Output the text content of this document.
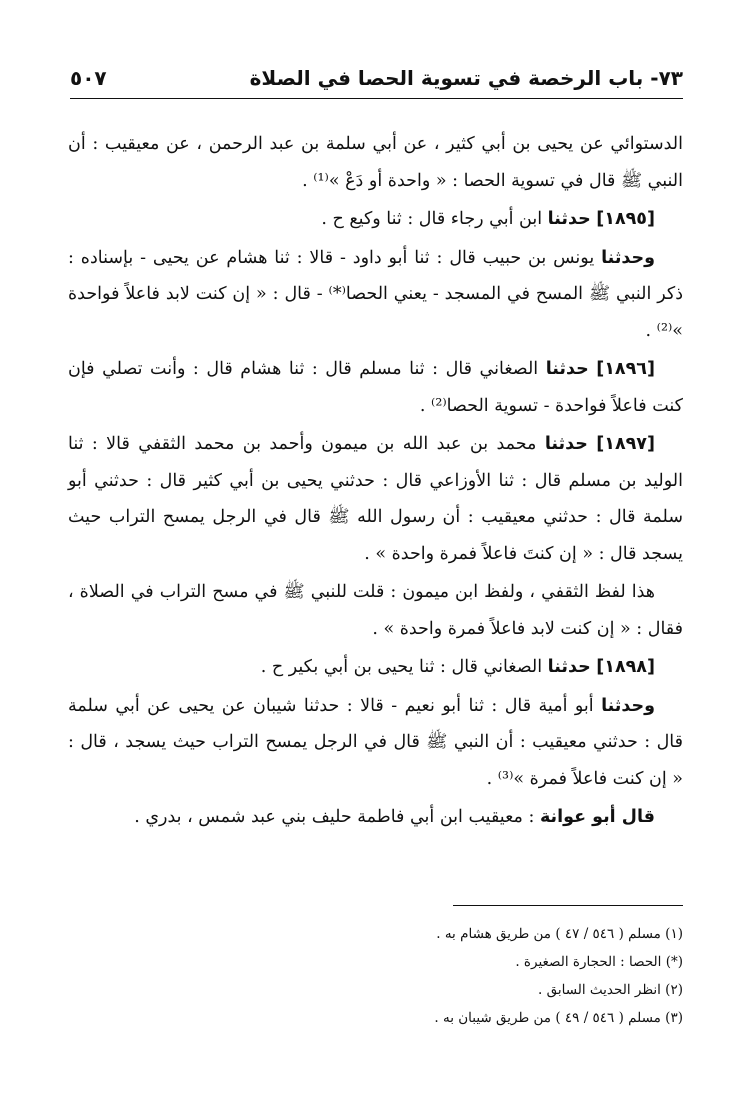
٧٣- باب الرخصة في تسوية الحصا في الصلاة
٥٠٧

الدستوائي عن يحيى بن أبي كثير ، عن أبي سلمة بن عبد الرحمن ، عن معيقيب : أن النبي ﷺ قال في تسوية الحصا : « واحدة أو دَعْ »⁽¹⁾ .

[١٨٩٥] حدثنا ابن أبي رجاء قال : ثنا وكيع ح .

وحدثنا يونس بن حبيب قال : ثنا أبو داود - قالا : ثنا هشام عن يحيى - بإسناده : ذكر النبي ﷺ المسح في المسجد - يعني الحصا⁽*⁾ - قال : « إن كنت لابد فاعلاً فواحدة »⁽²⁾ .

[١٨٩٦] حدثنا الصغاني قال : ثنا مسلم قال : ثنا هشام قال : وأنت تصلي فإن كنت فاعلاً فواحدة - تسوية الحصا⁽²⁾ .

[١٨٩٧] حدثنا محمد بن عبد الله بن ميمون وأحمد بن محمد الثقفي قالا : ثنا الوليد بن مسلم قال : ثنا الأوزاعي قال : حدثني يحيى بن أبي كثير قال : حدثني أبو سلمة قال : حدثني معيقيب : أن رسول الله ﷺ قال في الرجل يمسح التراب حيث يسجد قال : « إن كنتَ فاعلاً فمرة واحدة » .

هذا لفظ الثقفي ، ولفظ ابن ميمون : قلت للنبي ﷺ في مسح التراب في الصلاة ، فقال : « إن كنت لابد فاعلاً فمرة واحدة » .

[١٨٩٨] حدثنا الصغاني قال : ثنا يحيى بن أبي بكير ح .

وحدثنا أبو أمية قال : ثنا أبو نعيم - قالا : حدثنا شيبان عن يحيى عن أبي سلمة قال : حدثني معيقيب : أن النبي ﷺ قال في الرجل يمسح التراب حيث يسجد ، قال : « إن كنت فاعلاً فمرة »⁽³⁾ .

قال أبو عوانة : معيقيب ابن أبي فاطمة حليف بني عبد شمس ، بدري .

(١) مسلم ( ٥٤٦ / ٤٧ ) من طريق هشام به .

(*) الحصا : الحجارة الصغيرة .

(٢) انظر الحديث السابق .

(٣) مسلم ( ٥٤٦ / ٤٩ ) من طريق شيبان به .
